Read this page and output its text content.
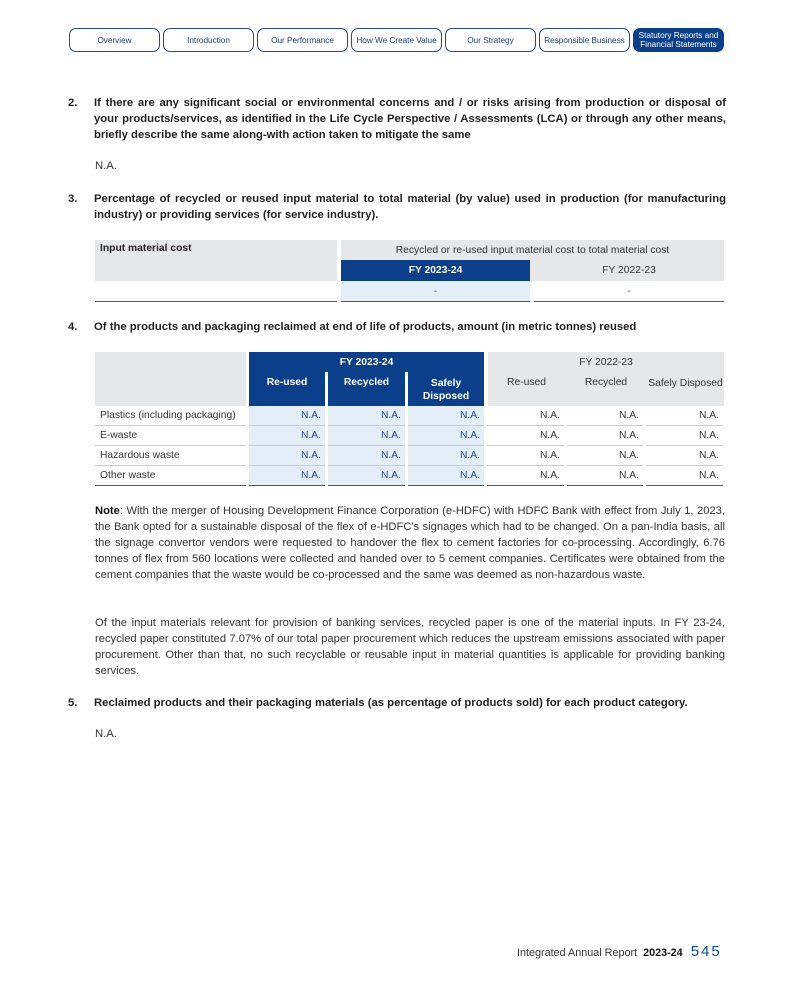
Overview	Introduction	Our Performance	How We Create Value	Our Strategy	Responsible Business Statutory Reports and
Financial Statements
2. If there are any significant social or environmental concerns and / or risks arising from production or disposal of your products/services, as identified in the Life Cycle Perspective / Assessments (LCA) or through any other means, briefly describe the same along-with action taken to mitigate the same
N.A.
3. Percentage of recycled or reused input material to total material (by value) used in production (for manufacturing industry) or providing services (for service industry).
Input material cost		Recycled or re-used input material cost to total material cost		
		FY 2023-24		FY 2022-23
		-		-
4. Of the products and packaging reclaimed at end of life of products, amount (in metric tonnes) reused
		FY 2023-24						FY 2022-23				
		Re-used		Recycled		Safely Disposed		Re-used		Recycled		Safely Disposed
Plastics (including packaging)	N.A.	N.A.	N.A.	N.A.	N.A.	N.A.
E-waste	N.A.	N.A.	N.A.	N.A.	N.A.	N.A.
Hazardous waste	N.A.	N.A.	N.A.	N.A.	N.A.	N.A.
Other waste	N.A.	N.A.	N.A.	N.A.	N.A.	N.A.
Note: With the merger of Housing Development Finance Corporation (e-HDFC) with HDFC Bank with effect from July 1, 2023, the Bank opted for a sustainable disposal of the flex of e-HDFC's signages which had to be changed. On a pan-India basis, all the signage convertor vendors were requested to handover the flex to cement factories for co-processing. Accordingly, 6.76 tonnes of flex from 560 locations were collected and handed over to 5 cement companies. Certificates were obtained from the cement companies that the waste would be co-processed and the same was deemed as non-hazardous waste.
Of the input materials relevant for provision of banking services, recycled paper is one of the material inputs. In FY 23-24, recycled paper constituted 7.07% of our total paper procurement which reduces the upstream emissions associated with paper procurement. Other than that, no such recyclable or reusable input in material quantities is applicable for providing banking services.
5. Reclaimed products and their packaging materials (as percentage of products sold) for each product category.
N.A.
Integrated Annual Report 2023-24 545
